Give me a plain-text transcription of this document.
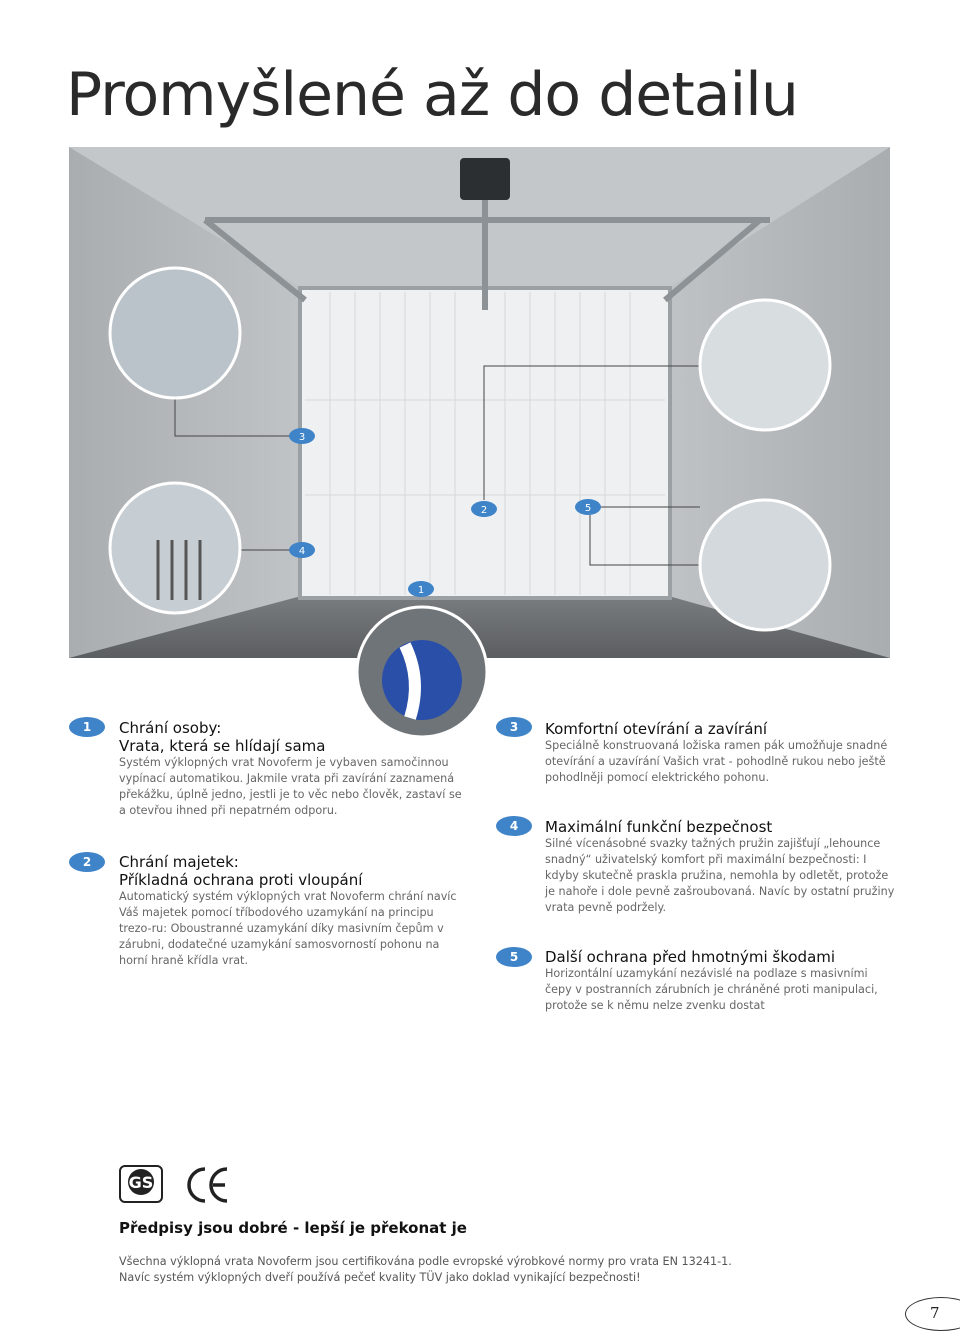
Promyšlené až do detailu
3
4
2	5
1
1	Chrání osoby:
Vrata, která se hlídají sama

Systém výklopných vrat Novoferm je vybaven samočinnou vypínací automatikou. Jakmile vrata při zavírání zaznamená překážku, úplně jedno, jestli je to věc nebo člověk, zastaví se a otevřou ihned při nepatrném odporu.

2	Chrání majetek:
Příkladná ochrana proti vloupání

Automatický systém výklopných vrat Novoferm chrání navíc Váš majetek pomocí tříbodového uzamykání na principu trezo-ru: Oboustranné uzamykání díky masivním čepům v zárubni, dodatečné uzamykání samosvorností pohonu na horní hraně křídla vrat.

3	Komfortní otevírání a zavírání

Speciálně konstruovaná ložiska ramen pák umožňuje snadné otevírání a uzavírání Vašich vrat - pohodlně rukou nebo ještě pohodlněji pomocí elektrického pohonu.

4	Maximální funkční bezpečnost

Silné vícenásobné svazky tažných pružin zajišťují „lehounce snadný“ uživatelský komfort při maximální bezpečnosti: I kdyby skutečně praskla pružina, nemohla by odletět, protože je nahoře i dole pevně zašroubovaná. Navíc by ostatní pružiny vrata pevně podržely.

5	Další ochrana před hmotnými škodami

Horizontální uzamykání nezávislé na podlaze s masivními čepy v postranních zárubních je chráněné proti manipulaci, protože se k němu nelze zvenku dostat

GS
Předpisy jsou dobré - lepší je překonat je

Všechna výklopná vrata Novoferm jsou certifikována podle evropské výrobkové normy pro vrata EN 13241-1.
Navíc systém výklopných dveří používá pečeť kvality TÜV jako doklad vynikající bezpečnosti!

7
